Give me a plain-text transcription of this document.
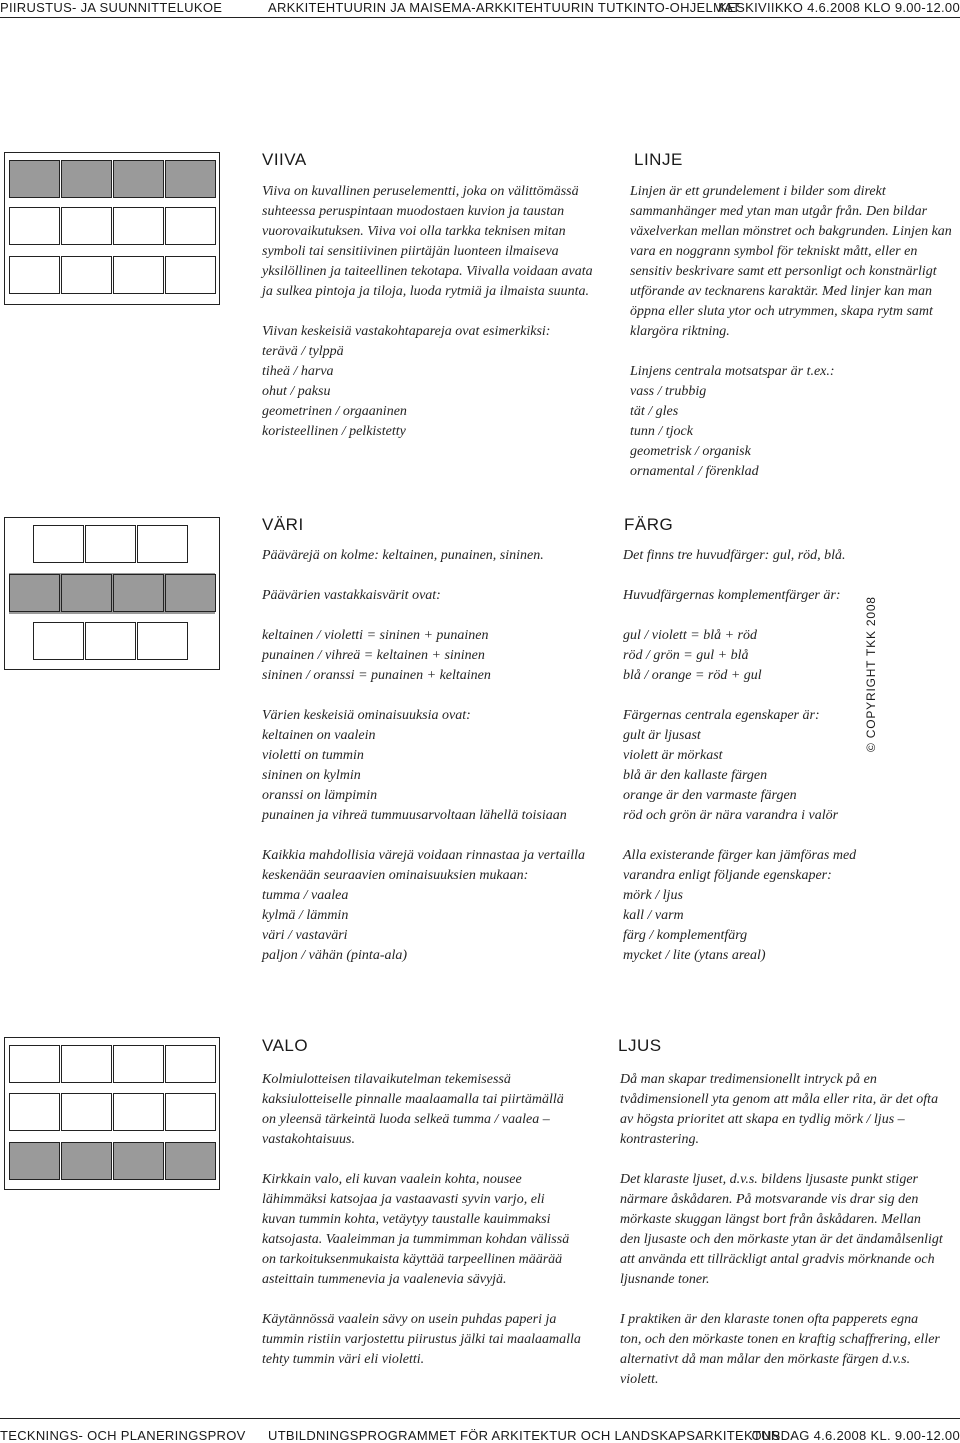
PIIRUSTUS- JA SUUNNITTELUKOE	ARKKITEHTUURIN JA MAISEMA-ARKKITEHTUURIN TUTKINTO-OHJELMAT
KESKIVIIKKO 4.6.2008 KLO 9.00-12.00
VIIVA

Viiva on kuvallinen peruselementti, joka on välittömässä suhteessa peruspintaan muodostaen kuvion ja taustan vuorovaikutuksen. Viiva voi olla tarkka teknisen mitan symboli tai sensitiivinen piirtäjän luonteen ilmaiseva yksilöllinen ja taiteellinen tekotapa. Viivalla voidaan avata ja sulkea pintoja ja tiloja, luoda rytmiä ja ilmaista suunta.

Viivan keskeisiä vastakohtapareja ovat esimerkiksi:

terävä / tylppä

tiheä / harva

ohut / paksu

geometrinen / orgaaninen

koristeellinen / pelkistetty

LINJE

Linjen är ett grundelement i bilder som direkt sammanhänger med ytan man utgår från. Den bildar växelverkan mellan mönstret och bakgrunden. Linjen kan vara en noggrann symbol för tekniskt mått, eller en sensitiv beskrivare samt ett personligt och konstnärligt utförande av tecknarens karaktär. Med linjer kan man öppna eller sluta ytor och utrymmen, skapa rytm samt klargöra riktning.

Linjens centrala motsatspar är t.ex.:

vass / trubbig

tät / gles

tunn / tjock

geometrisk / organisk

ornamental / förenklad

VÄRI

Päävärejä on kolme: keltainen, punainen, sininen.

Päävärien vastakkaisvärit ovat:

keltainen / violetti = sininen + punainen

punainen / vihreä = keltainen + sininen

sininen / oranssi = punainen + keltainen

Värien keskeisiä ominaisuuksia ovat:

keltainen on vaalein

violetti on tummin

sininen on kylmin

oranssi on lämpimin

punainen ja vihreä tummuusarvoltaan lähellä toisiaan

Kaikkia mahdollisia värejä voidaan rinnastaa ja vertailla

keskenään seuraavien ominaisuuksien mukaan:

tumma / vaalea

kylmä / lämmin

väri / vastaväri

paljon / vähän (pinta-ala)

FÄRG

Det finns tre huvudfärger: gul, röd, blå.

Huvudfärgernas komplementfärger är:

gul / violett = blå + röd

röd / grön = gul + blå

blå / orange = röd + gul

Färgernas centrala egenskaper är:

gult är ljusast

violett är mörkast

blå är den kallaste färgen

orange är den varmaste färgen

röd och grön är nära varandra i valör

Alla existerande färger kan jämföras med

varandra enligt följande egenskaper:

mörk / ljus

kall / varm

färg / komplementfärg

mycket / lite (ytans areal)

© COPYRIGHT TKK 2008
VALO

Kolmiulotteisen tilavaikutelman tekemisessä

kaksiulotteiselle pinnalle maalaamalla tai piirtämällä

on yleensä tärkeintä luoda selkeä tumma / vaalea –

vastakohtaisuus.

Kirkkain valo, eli kuvan vaalein kohta, nousee

lähimmäksi katsojaa ja vastaavasti syvin varjo, eli

kuvan tummin kohta, vetäytyy taustalle kauimmaksi

katsojasta. Vaaleimman ja tummimman kohdan välissä

on tarkoituksenmukaista käyttää tarpeellinen määrää

asteittain tummenevia ja vaalenevia sävyjä.

Käytännössä vaalein sävy on usein puhdas paperi ja

tummin ristiin varjostettu piirustus jälki tai maalaamalla

tehty tummin väri eli violetti.

LJUS

Då man skapar tredimensionellt intryck på en

tvådimensionell yta genom att måla eller rita, är det ofta

av högsta prioritet att skapa en tydlig mörk / ljus –

kontrastering.

Det klaraste ljuset, d.v.s. bildens ljusaste punkt stiger

närmare åskådaren. På motsvarande vis drar sig den

mörkaste skuggan längst bort från åskådaren. Mellan

den ljusaste och den mörkaste ytan är det ändamålsenligt

att använda ett tillräckligt antal gradvis mörknande och

ljusnande toner.

I praktiken är den klaraste tonen ofta papperets egna

ton, och den mörkaste tonen en kraftig schaffrering, eller

alternativt då man målar den mörkaste färgen d.v.s.

violett.

TECKNINGS- OCH PLANERINGSPROV UTBILDNINGSPROGRAMMET FÖR ARKITEKTUR OCH LANDSKAPSARKITEKTUR
ONSDAG 4.6.2008 KL. 9.00-12.00
